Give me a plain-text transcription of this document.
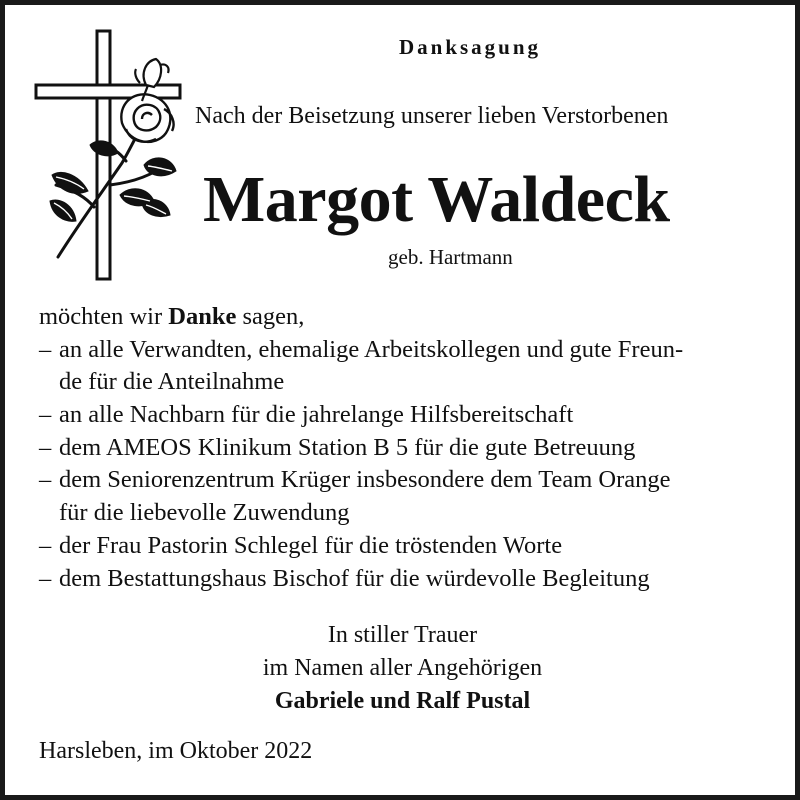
Danksagung
Nach der Beisetzung unserer lieben Verstorbenen
Margot Waldeck
geb. Hartmann
möchten wir Danke sagen,
– an alle Verwandten, ehemalige Arbeitskollegen und gute Freun-
de für die Anteilnahme
– an alle Nachbarn für die jahrelange Hilfsbereitschaft
– dem AMEOS Klinikum Station B 5 für die gute Betreuung
– dem Seniorenzentrum Krüger insbesondere dem Team Orange
für die liebevolle Zuwendung
– der Frau Pastorin Schlegel für die tröstenden Worte
– dem Bestattungshaus Bischof für die würdevolle Begleitung
In stiller Trauer
im Namen aller Angehörigen
Gabriele und Ralf Pustal
Harsleben, im Oktober 2022
